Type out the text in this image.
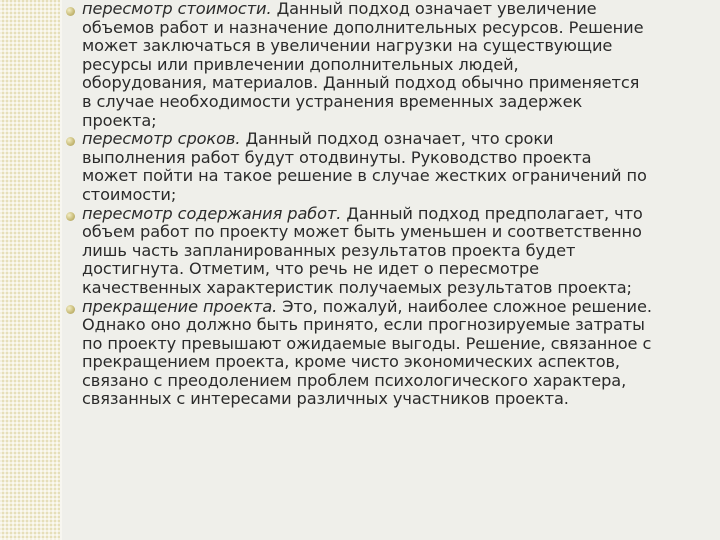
пересмотр стоимости. Данный подход означает увеличение
объемов работ и назначение дополнительных ресурсов. Решение
может заключаться в увеличении нагрузки на существующие
ресурсы или привлечении дополнительных людей,
оборудования, материалов. Данный подход обычно применяется
в случае необходимости устранения временных задержек
проекта;
пересмотр сроков. Данный подход означает, что сроки
выполнения работ будут отодвинуты. Руководство проекта
может пойти на такое решение в случае жестких ограничений по
стоимости;
пересмотр содержания работ. Данный подход предполагает, что
объем работ по проекту может быть уменьшен и соответственно
лишь часть запланированных результатов проекта будет
достигнута. Отметим, что речь не идет о пересмотре
качественных характеристик получаемых результатов проекта;
прекращение проекта. Это, пожалуй, наиболее сложное решение.
Однако оно должно быть принято, если прогнозируемые затраты
по проекту превышают ожидаемые выгоды. Решение, связанное с
прекращением проекта, кроме чисто экономических аспектов,
связано с преодолением проблем психологического характера,
связанных с интересами различных участников проекта.
